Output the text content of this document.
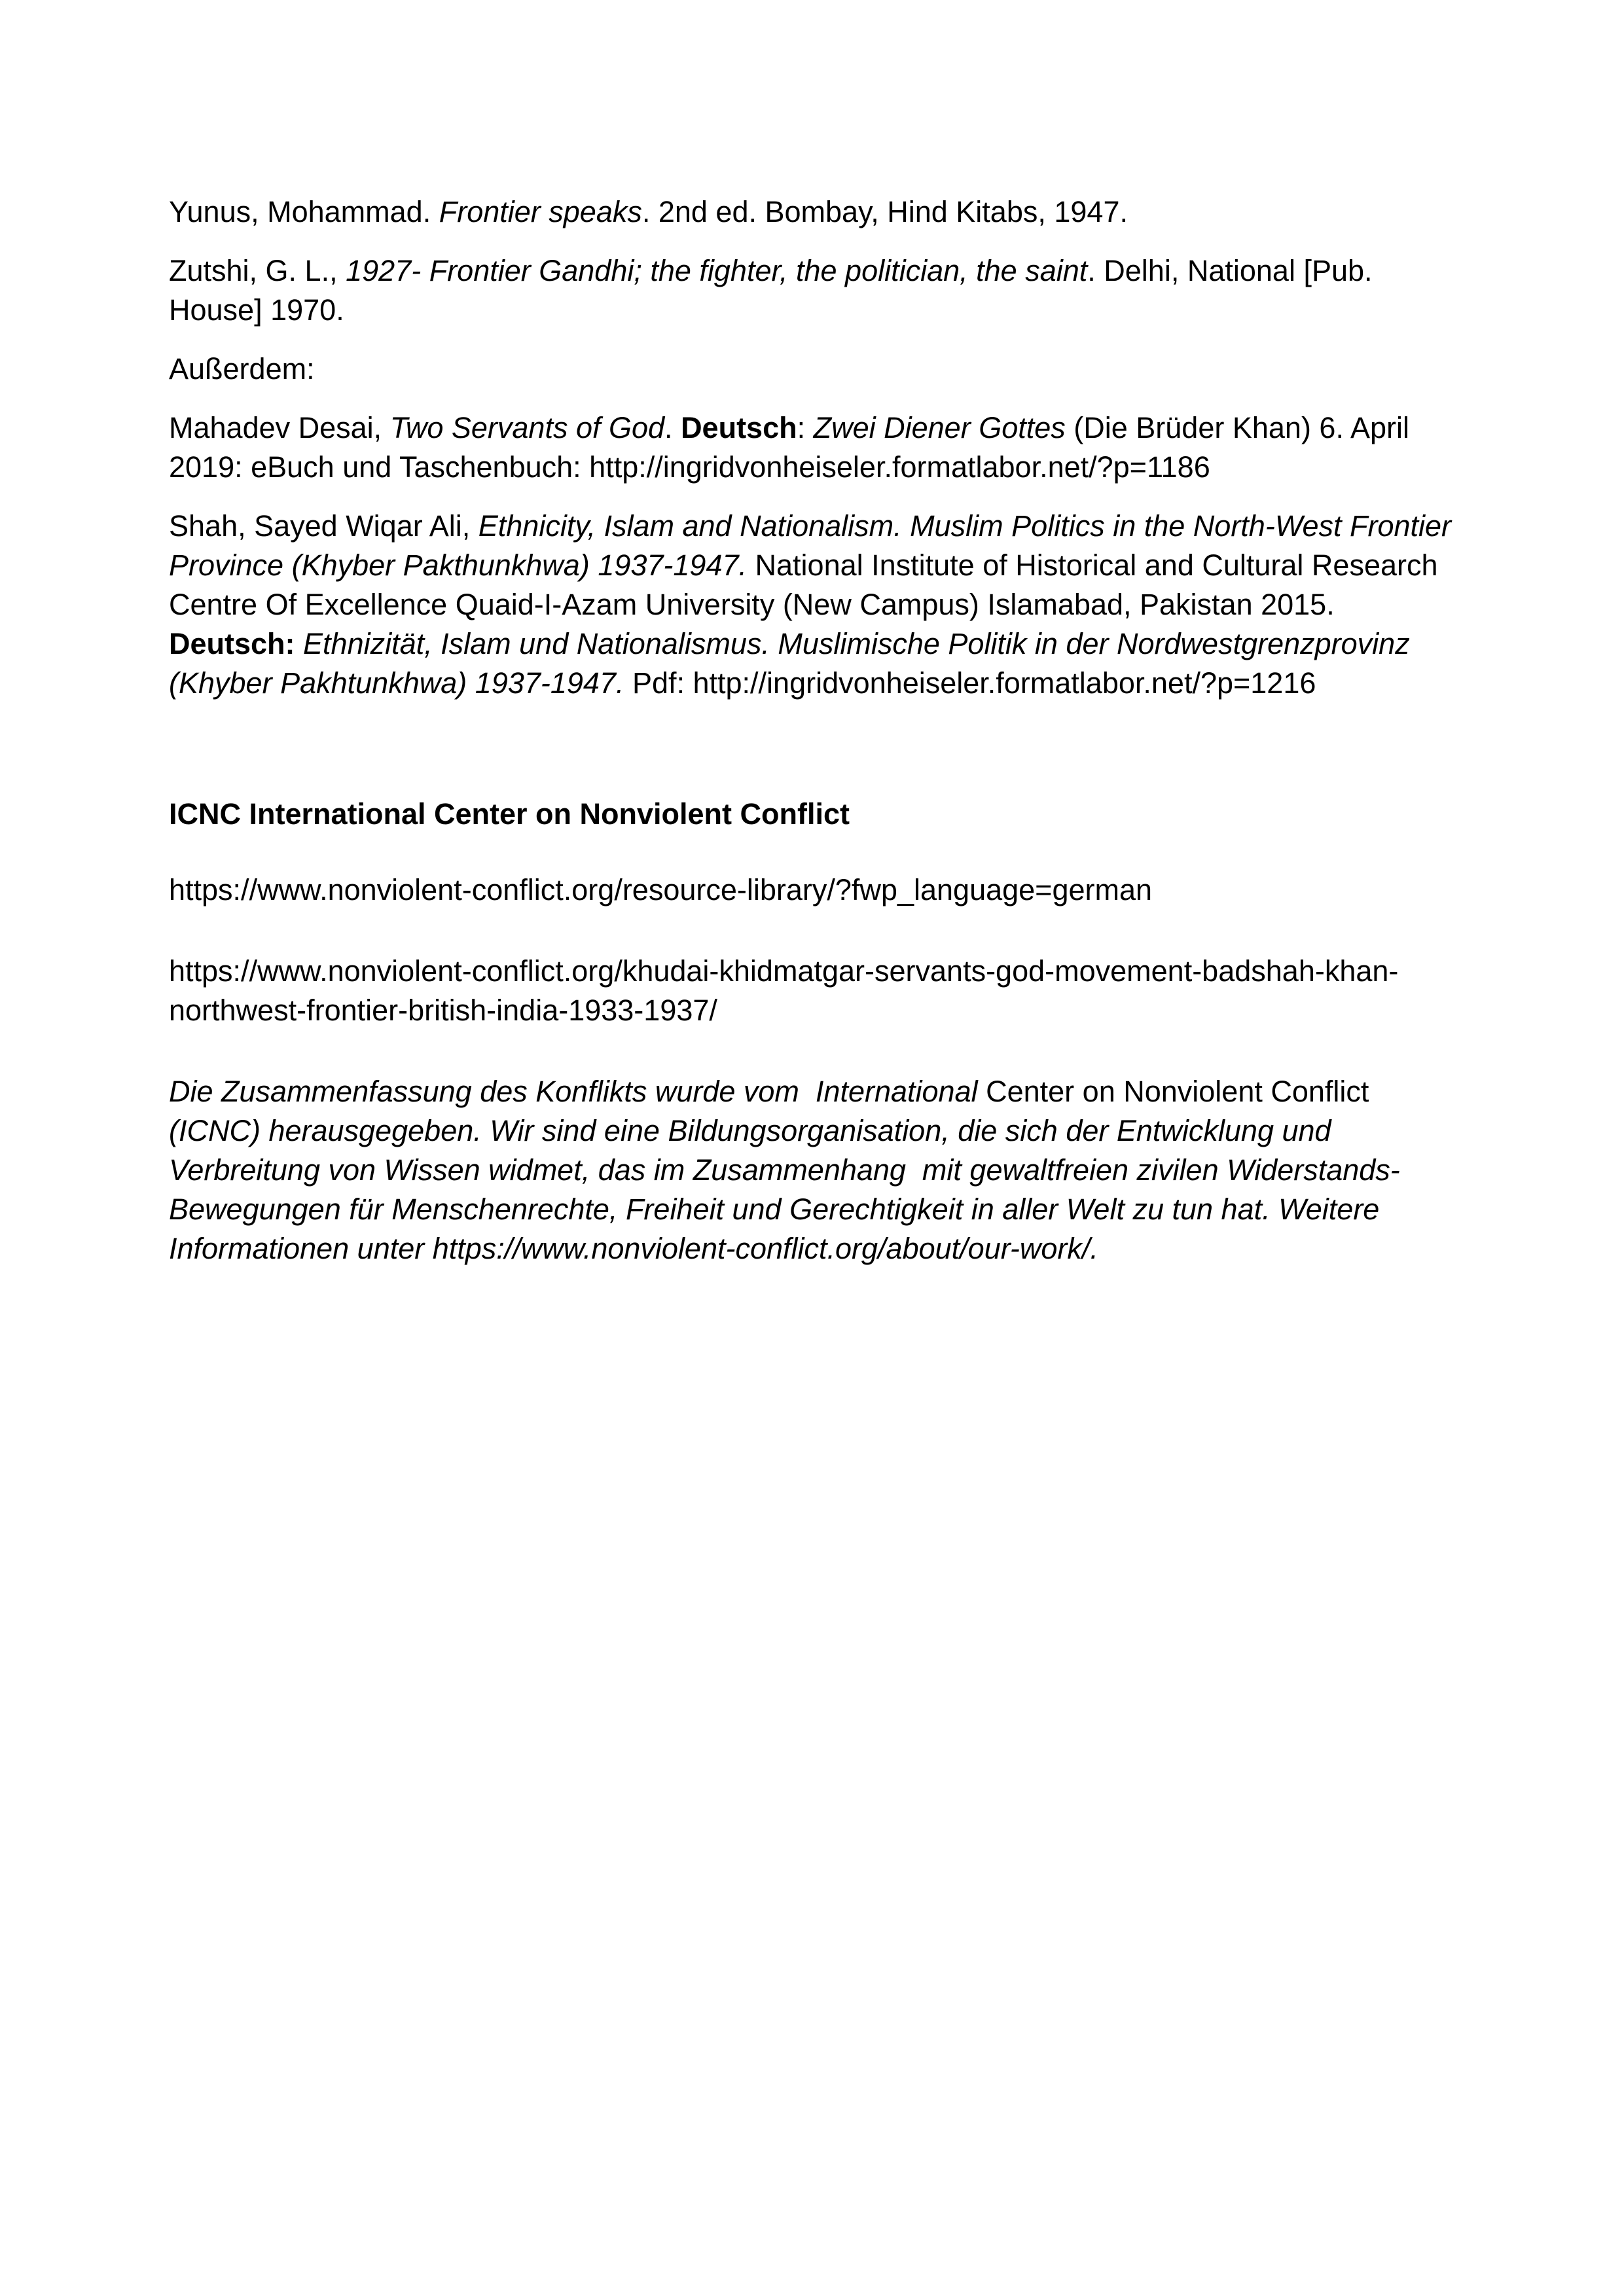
Yunus, Mohammad. Frontier speaks. 2nd ed. Bombay, Hind Kitabs, 1947.

Zutshi, G. L., 1927- Frontier Gandhi; the fighter, the politician, the saint. Delhi, National [Pub. House] 1970.

Außerdem:

Mahadev Desai, Two Servants of God. Deutsch: Zwei Diener Gottes (Die Brüder Khan) 6. April 2019: eBuch und Taschenbuch: http://ingridvonheiseler.formatlabor.net/?p=1186

Shah, Sayed Wiqar Ali, Ethnicity, Islam and Nationalism. Muslim Politics in the North-West Frontier Province (Khyber Pakthunkhwa) 1937-1947. National Institute of Historical and Cultural Research Centre Of Excellence Quaid-I-Azam University (New Campus) Islamabad, Pakistan 2015. Deutsch: Ethnizität, Islam und Nationalismus. Muslimische Politik in der Nordwestgrenzprovinz (Khyber Pakhtunkhwa) 1937-1947. Pdf: http://ingridvonheiseler.formatlabor.net/?p=1216

ICNC International Center on Nonviolent Conflict

https://www.nonviolent-conflict.org/resource-library/?fwp_language=german

https://www.nonviolent-conflict.org/khudai-khidmatgar-servants-god-movement-badshah-khan-northwest-frontier-british-india-1933-1937/

Die Zusammenfassung des Konflikts wurde vom  International Center on Nonviolent Conflict (ICNC) herausgegeben. Wir sind eine Bildungsorganisation, die sich der Entwicklung und Verbreitung von Wissen widmet, das im Zusammenhang  mit gewaltfreien zivilen Widerstands-Bewegungen für Menschenrechte, Freiheit und Gerechtigkeit in aller Welt zu tun hat. Weitere Informationen unter https://www.nonviolent-conflict.org/about/our-work/.
